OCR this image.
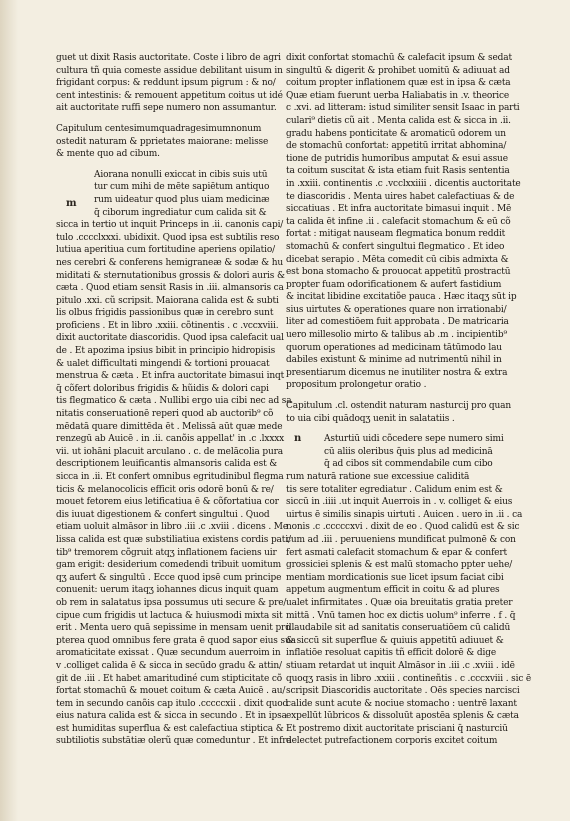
guet ut dixit Rasis auctoritate. Coste i libro de agri
cultura tñ quia comeste assidue debilitant uisum in
frigidant corpus: & reddunt ipsum pigrum : & no/
cent intestinis: & remouent appetitum coitus ut idé
ait auctoritate ruffi sepe numero non assumantur.
Capitulum centesimumquadragesimumnonum
ostedit naturam & pprietates maiorane: melisse
& mente quo ad cibum.
Aiorana nonulli exiccat in cibis suis utū
tur cum mihi de mēte sapiētum antiquo
rum uideatur quod plus uiam medicinæ
q̄ ciborum ingrediatur cum calida sit &
sicca in tertio ut inquit Princeps in .ii. canonis capi/
tulo .cccclxxxi. ubidixit. Quod ipsa est subtilis reso
lutiua aperitiua cum fortitudine aperiens opilatio/
nes cerebri & conferens hemigraneæ & sodæ & hu
miditati & sternutationibus grossis & dolori auris &
cæta . Quod etiam sensit Rasis in .iii. almansoris ca
pitulo .xxi. cũ scripsit. Maiorana calida est & subti
lis olbus frigidis passionibus quæ in cerebro sunt
proficiens . Et in libro .xxiii. cõtinentis . c .vccxviii.
dixit auctoritate diascoridis. Quod ipsa calefacit ual
de . Et apozima ipsius bibit in principio hidropisis
& ualet difficultati mingendi & tortioni prouacat
menstrua & cæta . Et infra auctoritate bimasui inqt
q̄ cõfert doloribus frigidis & hũidis & dolori capi
tis flegmatico & cæta . Nullibi ergo uia cibi nec ad sa
nitatis conseruationē reperi quod ab auctorib⁹ cõ
mēdatā quare dimittēda ēt . Melissā aūt quæ mede
renzegū ab Auicē . in .ii. canõis appellat' in .c .lxxxx
vii. ut iohāni placuit arculano . c. de melācolia pura
descriptionem leuificantis almansoris calida est &
sicca in .ii. Et confert omnibus egritudinibul flegma
ticis & melanocolicis efficit oris odorē bonū & re/
mouet fetorem eius letificatiua ē & cõfortatiua cor
dis iuuat digestionem & confert singultui . Quod
etiam uoluit almāsor in libro .iii .c .xviii . dicens . Me
lissa calida est quæ substiliatiua existens cordis pati/
tib⁹ tremorem cõgruit atqʒ inflationem faciens uir
gam erigit: desiderium comedendi tribuit uomitum
qʒ aufert & singultū . Ecce quod ipsē cum principe
conuenit: uerum itaqʒ iohannes dicus inquit quam
ob rem in salatatus ipsa possumus uti secure & pre/
cipue cum frigidis ut lactuca & huiusmodi mixta sit
erit . Menta uero quā sepissime in mensam uenit pro
pterea quod omnibus fere grata ē quod sapor eius sua
aromaticitate exissat . Quæ secundum auerroim in
v .colliget calida ē & sicca in secūdo gradu & attin/
git de .iii . Et habet amaritudiné cum stipticitate cõ
fortat stomachū & mouet coitum & cæta Auicē . au/
tem in secundo canõis cap itulo .cccccxii . dixit quod
eius natura calida est & sicca in secundo . Et in ipsa
est humiditas superflua & est calefactiua stiptica &
subtiliotis substātiæ olerũ quæ comeduntur . Et infra
m
dixit confortat stomachū & calefacit ipsum & sedat
singultū & digerit & prohibet uomitū & adiuuat ad
coitum propter inflationem quæ est in ipsa & cæta
Quæ etiam fuerunt uerba Haliabatis in .v. theorice
c .xvi. ad litteram: istud similiter sensit Isaac in parti
culari⁹ dietis cũ ait . Menta calida est & sicca in .ii.
gradu habens ponticitate & aromaticū odorem un
de stomachū confortat: appetitū irritat abhomina/
tione de putridis humoribus amputat & esui assue
ta coitum suscitat & ista etiam fuit Rasis sententia
in .xxiii. continentis .c .vcclxxiiii . dicentis auctoritate
te diascoridis . Menta uires habet calefactiuas & de
siccatiuas . Et infra auctoritate bimasui inquit . Mē
ta calida ēt infine .ii . calefacit stomachum & eū cõ
fortat : mitigat nauseam flegmatica bonum reddit
stomachū & confert singultui flegmatico . Et ideo
dicebat serapio . Mēta comedit cū cibis admixta &
est bona stomacho & prouocat appetitū prostractū
propter fuam odorificationem & aufert fastidium
& incitat libidine excitatiõe pauca . Hæc itaqʒ sūt ip
sius uirtutes & operationes quare non irrationabi/
liter ad comestiōem fuit approbata . De matricaria
uero millesolio mirto & talibus ab .m . incipientib⁹
quorum operationes ad medicinam tātūmodo lau
dabiles existunt & minime ad nutrimentū nihil in
presentiarum dicemus ne inutiliter nostra & extra
propositum prolongetur oratio .
Capitulum .cl. ostendit naturam nasturcij pro quan
to uia cibi quādoqʒ uenit in salatatiis .
Asturtiū uidi cõcedere sepe numero simi
cū aliis oleribus q̄uis plus ad medicinā
q̄ ad cibos sit commendabile cum cibo
rum naturā ratione sue excessiue caliditā
tis sere totaliter egrediatur . Calidum enim est &
siccū in .iiii .ut inquit Auerrois in . v. colliget & eius
uirtus ē similis sinapis uirtuti . Auicen . uero in .ii . ca
nonis .c .cccccxvi . dixit de eo . Quod calidū est & sic
cum ad .iii . peruueniens mundificat pulmonē & con
fert asmati calefacit stomachum & epar & confert
grossiciei splenis & est malū stomacho ppter uehe/
mentiam mordicationis sue licet ipsum faciat cibi
appetum augmentum efficit in coitu & ad plures
ualet infirmitates . Quæ oia breuitatis gratia preter
mittā . Vnū tamen hoc ex dictis uolum⁹ inferre . f . q̄
illaudabile sit ad sanitatis conseruatiōem cū calidū
& siccū sit superflue & quiuis appetitū adiuuet &
inflatiōe resoluat capitis tñ efficit dolorē & dige
stiuam retardat ut inquit Almāsor in .iii .c .xviii . idē
quoqʒ rasis in libro .xxiii . contineñtis . c .cccxviii . sic ē
scripsit Diascoridis auctoritate . Oēs species narcisci
calide sunt acute & nociue stomacho : uentrē laxant
expellūt lūbricos & dissoluūt apostēa splenis & cæta
Et postremo dixit auctoritate prisciani q̄ nasturciū
delectet putrefactionem corporis excitet coitum
n
